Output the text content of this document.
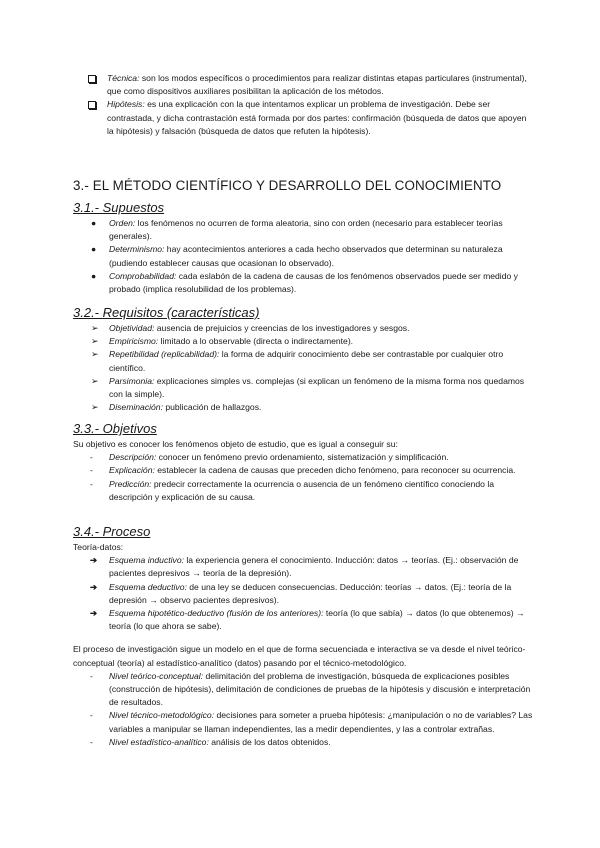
Técnica: son los modos específicos o procedimientos para realizar distintas etapas particulares (instrumental), que como dispositivos auxiliares posibilitan la aplicación de los métodos.
Hipótesis: es una explicación con la que intentamos explicar un problema de investigación. Debe ser contrastada, y dicha contrastación está formada por dos partes: confirmación (búsqueda de datos que apoyen la hipótesis) y falsación (búsqueda de datos que refuten la hipótesis).
3.- EL MÉTODO CIENTÍFICO Y DESARROLLO DEL CONOCIMIENTO
3.1.- Supuestos
● Orden: los fenómenos no ocurren de forma aleatoria, sino con orden (necesario para establecer teorías generales).
● Determinismo: hay acontecimientos anteriores a cada hecho observados que determinan su naturaleza (pudiendo establecer causas que ocasionan lo observado).
● Comprobabilidad: cada eslabón de la cadena de causas de los fenómenos observados puede ser medido y probado (implica resolubilidad de los problemas).
3.2.- Requisitos (características)
➢ Objetividad: ausencia de prejuicios y creencias de los investigadores y sesgos.
➢ Empiricismo: limitado a lo observable (directa o indirectamente).
➢ Repetibilidad (replicabilidad): la forma de adquirir conocimiento debe ser contrastable por cualquier otro científico.
➢ Parsimonia: explicaciones simples vs. complejas (si explican un fenómeno de la misma forma nos quedamos con la simple).
➢ Diseminación: publicación de hallazgos.
3.3.- Objetivos

Su objetivo es conocer los fenómenos objeto de estudio, que es igual a conseguir su:

- Descripción: conocer un fenómeno previo ordenamiento, sistematización y simplificación.
- Explicación: establecer la cadena de causas que preceden dicho fenómeno, para reconocer su ocurrencia.
- Predicción: predecir correctamente la ocurrencia o ausencia de un fenómeno científico conociendo la descripción y explicación de su causa.
3.4.- Proceso

Teoría-datos:

➔ Esquema inductivo: la experiencia genera el conocimiento. Inducción: datos → teorías. (Ej.: observación de pacientes depresivos → teoría de la depresión).
➔ Esquema deductivo: de una ley se deducen consecuencias. Deducción: teorías → datos. (Ej.: teoría de la depresión → observo pacientes depresivos).
➔ Esquema hipotético-deductivo (fusión de los anteriores): teoría (lo que sabía) → datos (lo que obtenemos) → teoría (lo que ahora se sabe).

El proceso de investigación sigue un modelo en el que de forma secuenciada e interactiva se va desde el nivel teórico-conceptual (teoría) al estadístico-analítico (datos) pasando por el técnico-metodológico.

- Nivel teórico-conceptual: delimitación del problema de investigación, búsqueda de explicaciones posibles (construcción de hipótesis), delimitación de condiciones de pruebas de la hipótesis y discusión e interpretación de resultados.
- Nivel técnico-metodológico: decisiones para someter a prueba hipótesis: ¿manipulación o no de variables? Las variables a manipular se llaman independientes, las a medir dependientes, y las a controlar extrañas.
- Nivel estadístico-analítico: análisis de los datos obtenidos.
